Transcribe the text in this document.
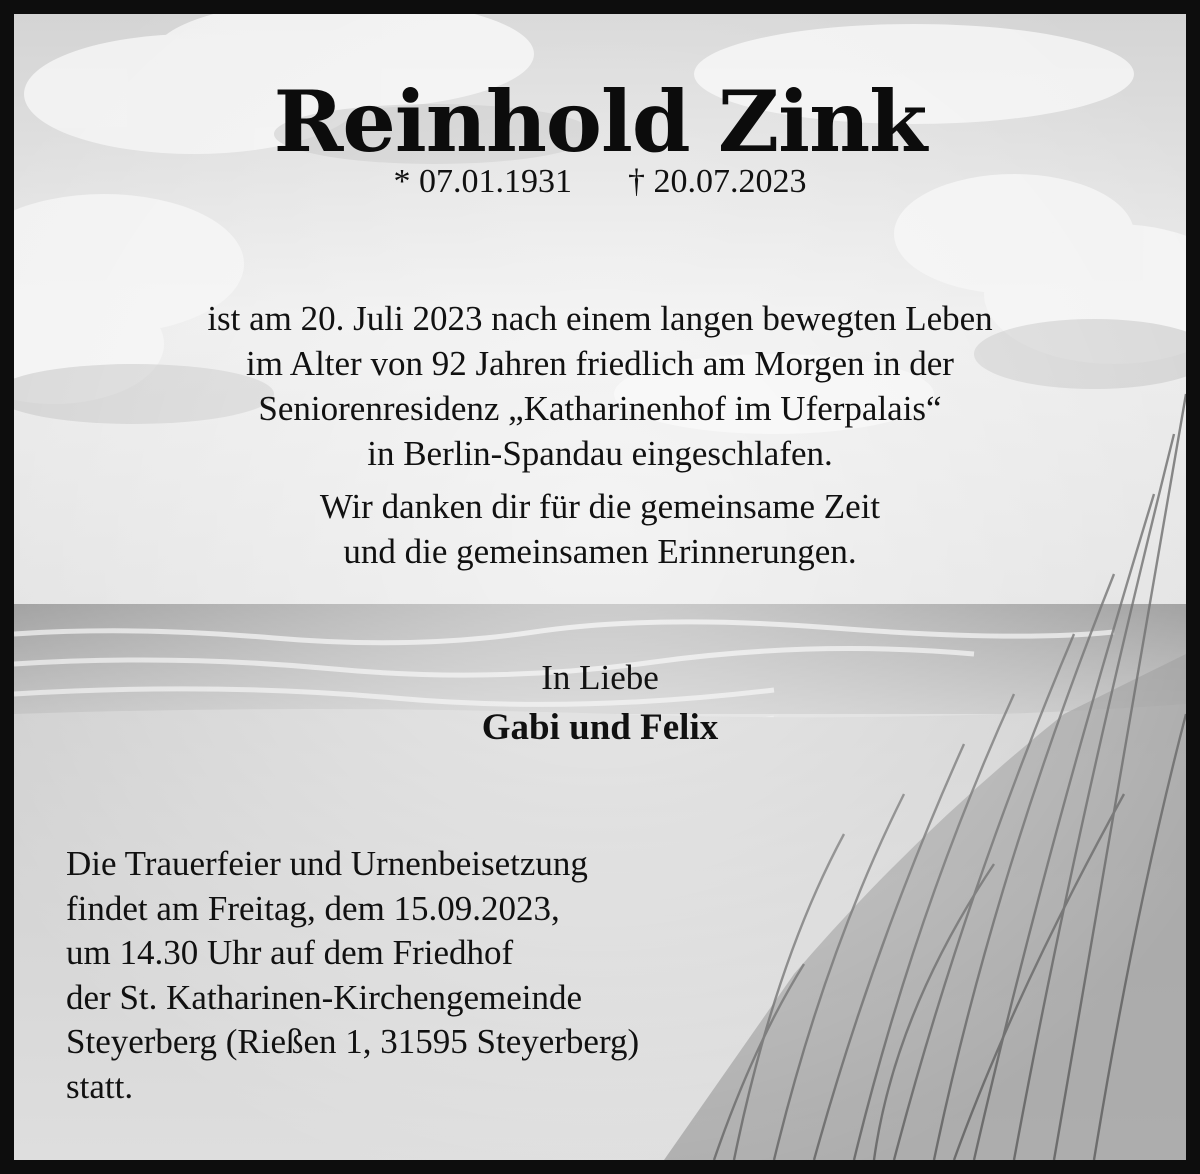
Reinhold Zink
* 07.01.1931 † 20.07.2023
ist am 20. Juli 2023 nach einem langen bewegten Leben
im Alter von 92 Jahren friedlich am Morgen in der
Seniorenresidenz „Katharinenhof im Uferpalais“
in Berlin-Spandau eingeschlafen.
Wir danken dir für die gemeinsame Zeit
und die gemeinsamen Erinnerungen.
In Liebe
Gabi und Felix
Die Trauerfeier und Urnenbeisetzung
findet am Freitag, dem 15.09.2023,
um 14.30 Uhr auf dem Friedhof
der St. Katharinen-Kirchengemeinde
Steyerberg (Rießen 1, 31595 Steyerberg)
statt.
